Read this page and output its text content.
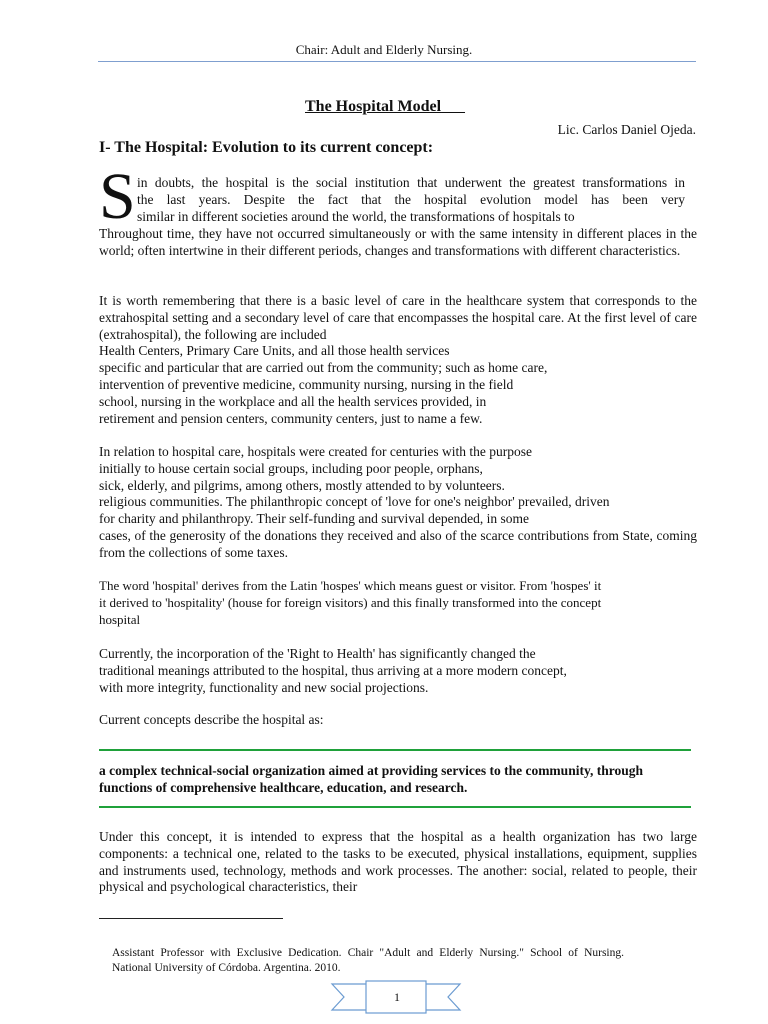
Chair: Adult and Elderly Nursing.
The Hospital Model
Lic. Carlos Daniel Ojeda.
I- The Hospital: Evolution to its current concept:
S in doubts, the hospital is the social institution that underwent the greatest transformations in
the last years. Despite the fact that the hospital evolution model has been very
similar in different societies around the world, the transformations of hospitals to

Throughout time, they have not occurred simultaneously or with the same intensity in different places in the world; often intertwine in their different periods, changes and transformations with different characteristics.

It is worth remembering that there is a basic level of care in the healthcare system that corresponds to the extrahospital setting and a secondary level of care that encompasses the hospital care. At the first level of care (extrahospital), the following are included
Health Centers, Primary Care Units, and all those health services
specific and particular that are carried out from the community; such as home care,
intervention of preventive medicine, community nursing, nursing in the field
school, nursing in the workplace and all the health services provided, in
retirement and pension centers, community centers, just to name a few.
In relation to hospital care, hospitals were created for centuries with the purpose
initially to house certain social groups, including poor people, orphans,
sick, elderly, and pilgrims, among others, mostly attended to by volunteers.
religious communities. The philanthropic concept of 'love for one's neighbor' prevailed, driven
for charity and philanthropy. Their self-funding and survival depended, in some
cases, of the generosity of the donations they received and also of the scarce contributions from State, coming from the collections of some taxes.
The word 'hospital' derives from the Latin 'hospes' which means guest or visitor. From 'hospes' it
it derived to 'hospitality' (house for foreign visitors) and this finally transformed into the concept
hospital
Currently, the incorporation of the 'Right to Health' has significantly changed the
traditional meanings attributed to the hospital, thus arriving at a more modern concept,
with more integrity, functionality and new social projections.

Current concepts describe the hospital as:

a complex technical-social organization aimed at providing services to the community, through functions of comprehensive healthcare, education, and research.

Under this concept, it is intended to express that the hospital as a health organization has two large components: a technical one, related to the tasks to be executed, physical installations, equipment, supplies and instruments used, technology, methods and work processes. The another: social, related to people, their physical and psychological characteristics, their

Assistant Professor with Exclusive Dedication. Chair "Adult and Elderly Nursing." School of Nursing. National University of Córdoba. Argentina. 2010.

1
